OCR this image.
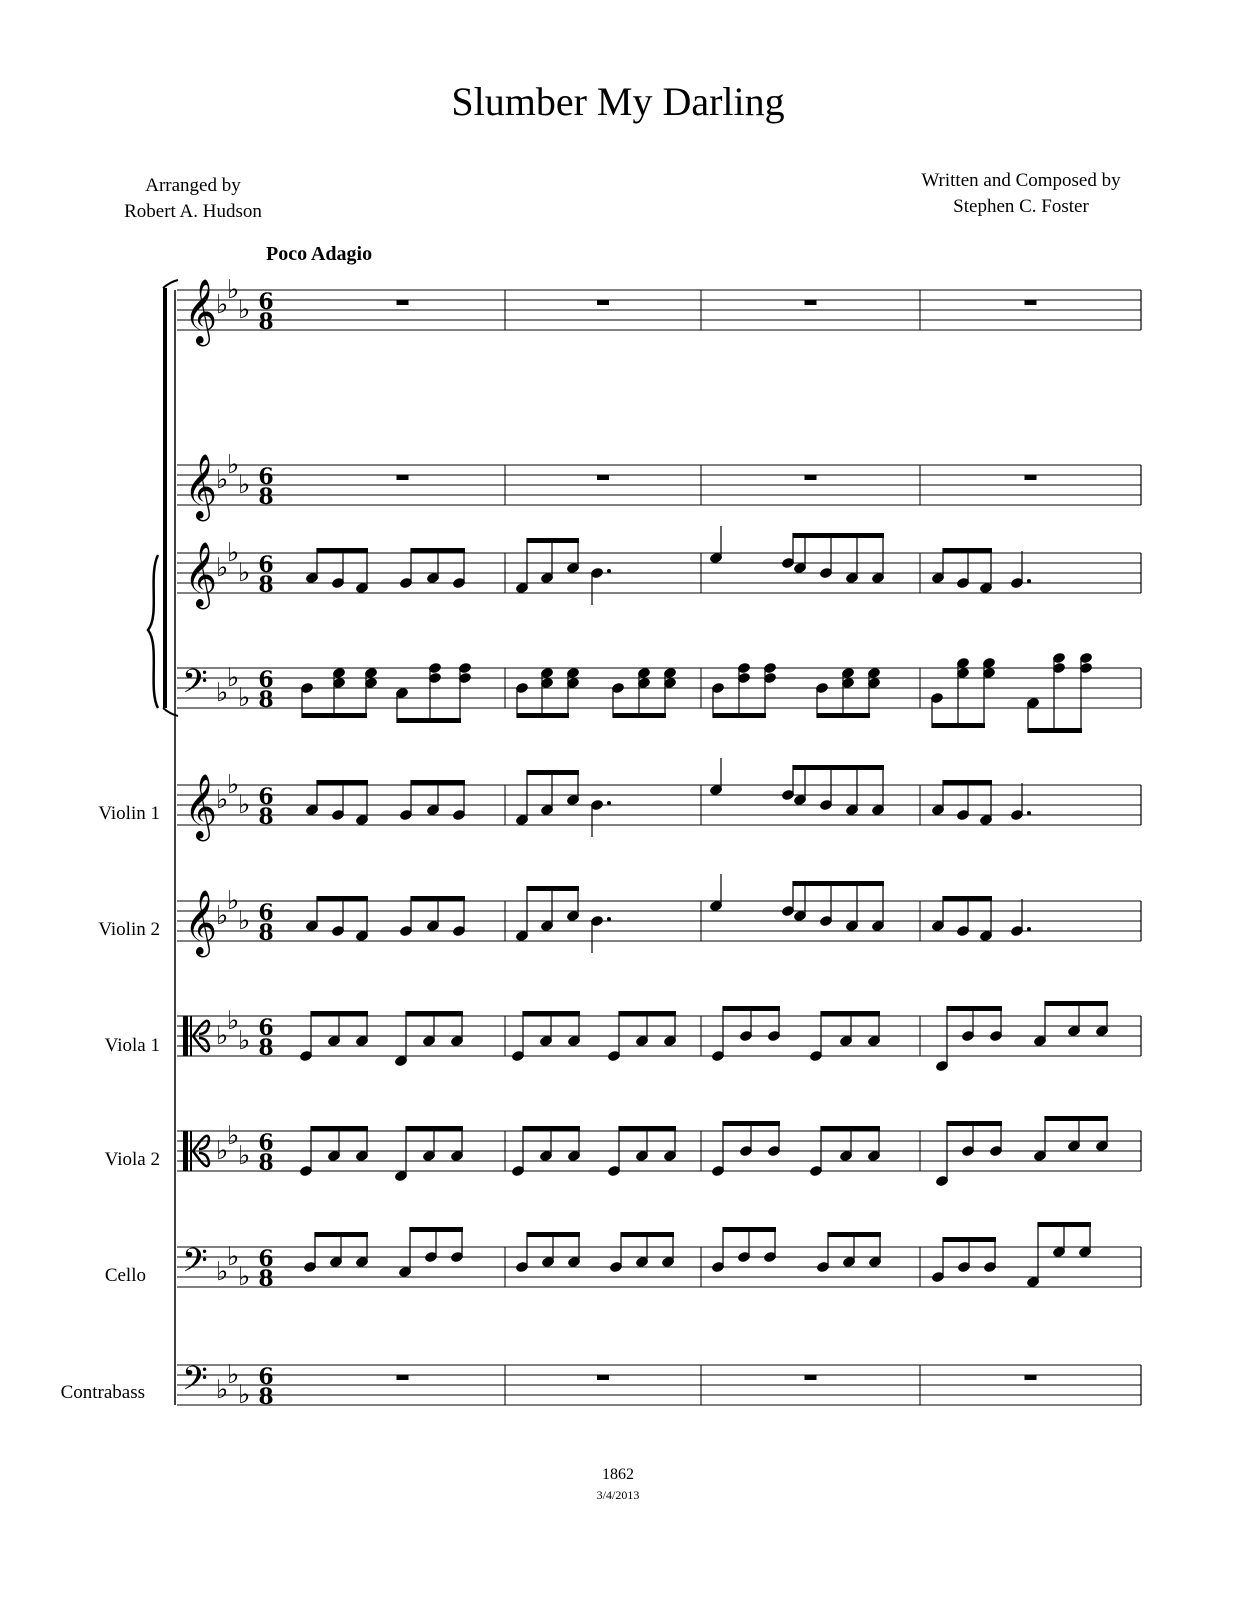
Slumber My Darling
Arranged by
Robert A. Hudson
Written and Composed by
Stephen C. Foster
Poco Adagio
Violin 1
Violin 2
Viola 1
Viola 2
Cello
Contrabass
𝄞
♭
♭
♭ 6
8
𝄞
♭
♭
♭ 6
8
𝄞
♭
♭
♭ 6
8
𝄢 ♭
♭
♭
6
8
𝄞
♭
♭
♭ 6
8
𝄞
♭
♭
♭ 6
8
♭
♭
♭ 6
8
♭
♭
♭ 6
8
𝄢 ♭
♭
♭
6
8
𝄢 ♭
♭
♭
6
8
1862
3/4/2013
